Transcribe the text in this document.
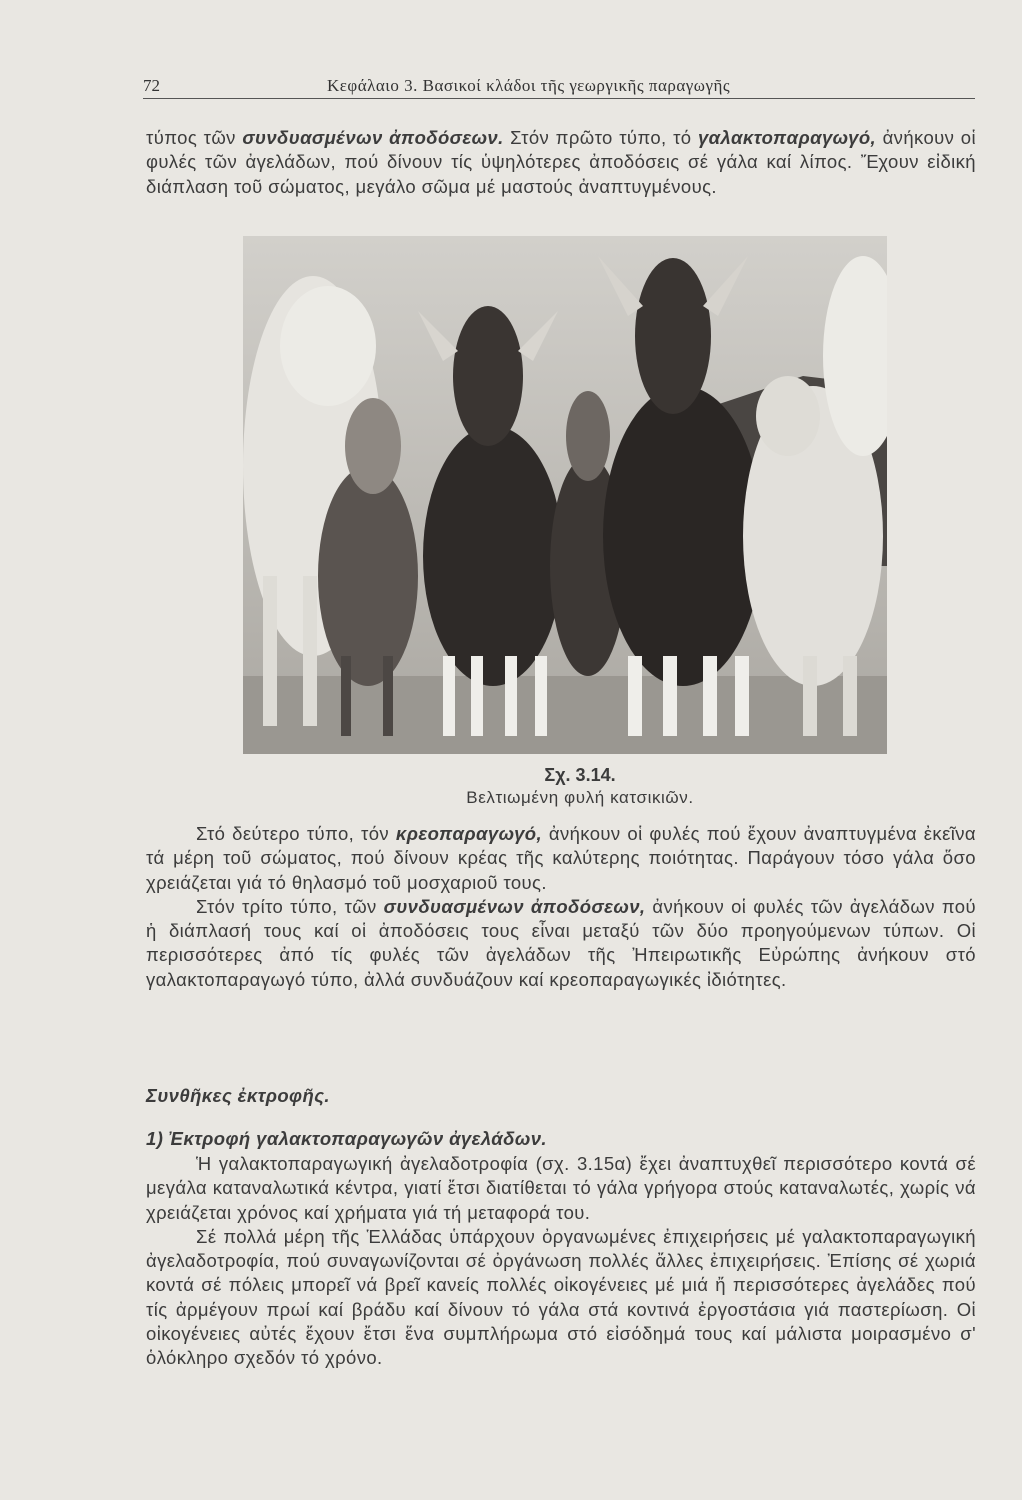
72	Κεφάλαιο 3. Βασικοί κλάδοι τῆς γεωργικῆς παραγωγῆς

τύπος τῶν συνδυασμένων ἀποδόσεων. Στόν πρῶτο τύπο, τό γαλακτοπαραγωγό, ἀνήκουν οἱ φυλές τῶν ἀγελάδων, πού δίνουν τίς ὑψηλότερες ἀποδόσεις σέ γάλα καί λίπος. Ἔχουν εἰδική διάπλαση τοῦ σώματος, μεγάλο σῶμα μέ μαστούς ἀναπτυγμένους.

Σχ. 3.14.
Βελτιωμένη φυλή κατσικιῶν.

Στό δεύτερο τύπο, τόν κρεοπαραγωγό, ἀνήκουν οἱ φυλές πού ἔχουν ἀναπτυγμένα ἐκεῖνα τά μέρη τοῦ σώματος, πού δίνουν κρέας τῆς καλύτερης ποιότητας. Παράγουν τόσο γάλα ὅσο χρειάζεται γιά τό θηλασμό τοῦ μοσχαριοῦ τους.

Στόν τρίτο τύπο, τῶν συνδυασμένων ἀποδόσεων, ἀνήκουν οἱ φυλές τῶν ἀγελάδων πού ἡ διάπλασή τους καί οἱ ἀποδόσεις τους εἶναι μεταξύ τῶν δύο προηγούμενων τύπων. Οἱ περισσότερες ἀπό τίς φυλές τῶν ἀγελάδων τῆς Ἠπειρωτικῆς Εὐρώπης ἀνήκουν στό γαλακτοπαραγωγό τύπο, ἀλλά συνδυάζουν καί κρεοπαραγωγικές ἰδιότητες.

Συνθῆκες ἐκτροφῆς.
1) Ἐκτροφή γαλακτοπαραγωγῶν ἀγελάδων.

Ἡ γαλακτοπαραγωγική ἀγελαδοτροφία (σχ. 3.15α) ἔχει ἀναπτυχθεῖ περισσότερο κοντά σέ μεγάλα καταναλωτικά κέντρα, γιατί ἔτσι διατίθεται τό γάλα γρήγορα στούς καταναλωτές, χωρίς νά χρειάζεται χρόνος καί χρήματα γιά τή μεταφορά του.

Σέ πολλά μέρη τῆς Ἑλλάδας ὑπάρχουν ὀργανωμένες ἐπιχειρήσεις μέ γαλακτοπαραγωγική ἀγελαδοτροφία, πού συναγωνίζονται σέ ὀργάνωση πολλές ἄλλες ἐπιχειρήσεις. Ἐπίσης σέ χωριά κοντά σέ πόλεις μπορεῖ νά βρεῖ κανείς πολλές οἰκογένειες μέ μιά ἤ περισσότερες ἀγελάδες πού τίς ἀρμέγουν πρωί καί βράδυ καί δίνουν τό γάλα στά κοντινά ἐργοστάσια γιά παστερίωση. Οἱ οἰκογένειες αὐτές ἔχουν ἔτσι ἕνα συμπλήρωμα στό εἰσόδημά τους καί μάλιστα μοιρασμένο σ' ὁλόκληρο σχεδόν τό χρόνο.
